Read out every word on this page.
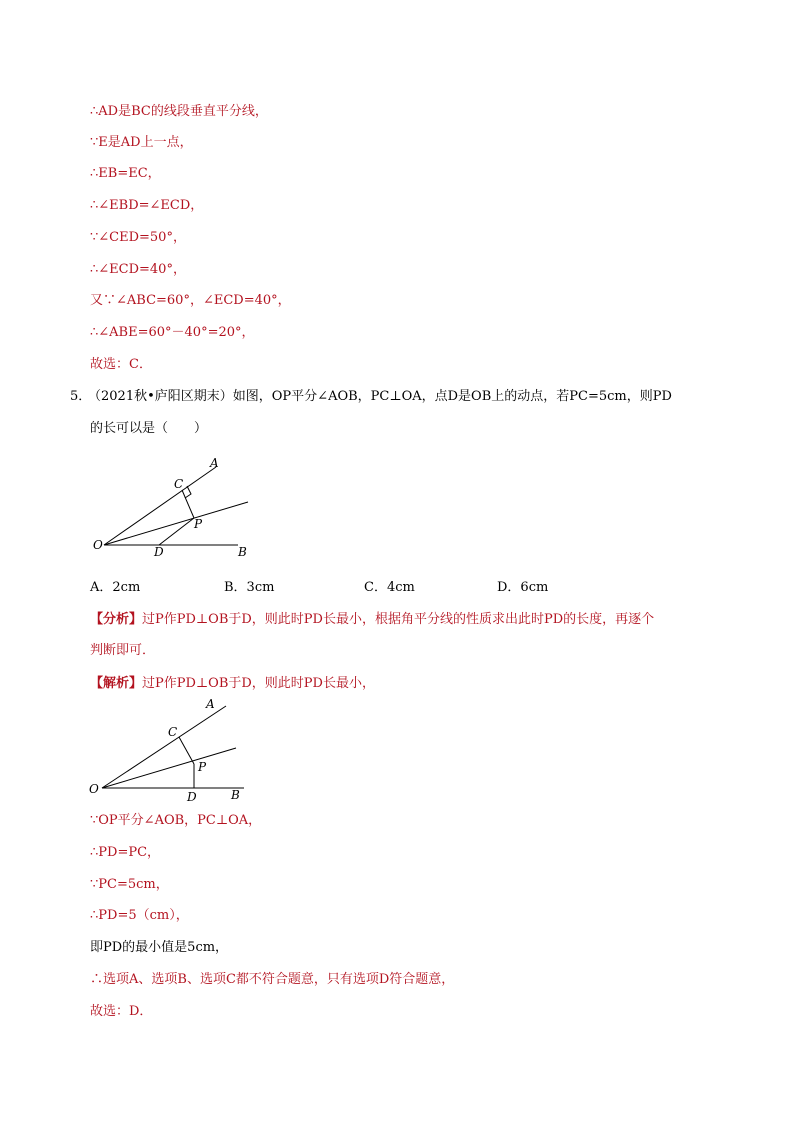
∴AD是BC的线段垂直平分线，
∵E是AD上一点，
∴EB=EC，
∴∠EBD=∠ECD，
∵∠CED=50°，
∴∠ECD=40°，
又∵∠ABC=60°，∠ECD=40°，
∴∠ABE=60°－40°=20°，
故选：C．
5．
（2021秋•庐阳区期末）如图，OP平分∠AOB，PC⊥OA，点D是OB上的动点，若PC=5cm，则PD
的长可以是（　　）
A
C
P
O	D	B
A．2cm	B．3cm	C．4cm	D．6cm
【分析】过P作PD⊥OB于D，则此时PD长最小，根据角平分线的性质求出此时PD的长度，再逐个
判断即可．
【解析】过P作PD⊥OB于D，则此时PD长最小，
A
C
P
O
D	B
∵OP平分∠AOB，PC⊥OA，
∴PD=PC，
∵PC=5cm，
∴PD=5（cm），
即PD的最小值是5cm，
∴选项A、选项B、选项C都不符合题意，只有选项D符合题意，
故选：D．
